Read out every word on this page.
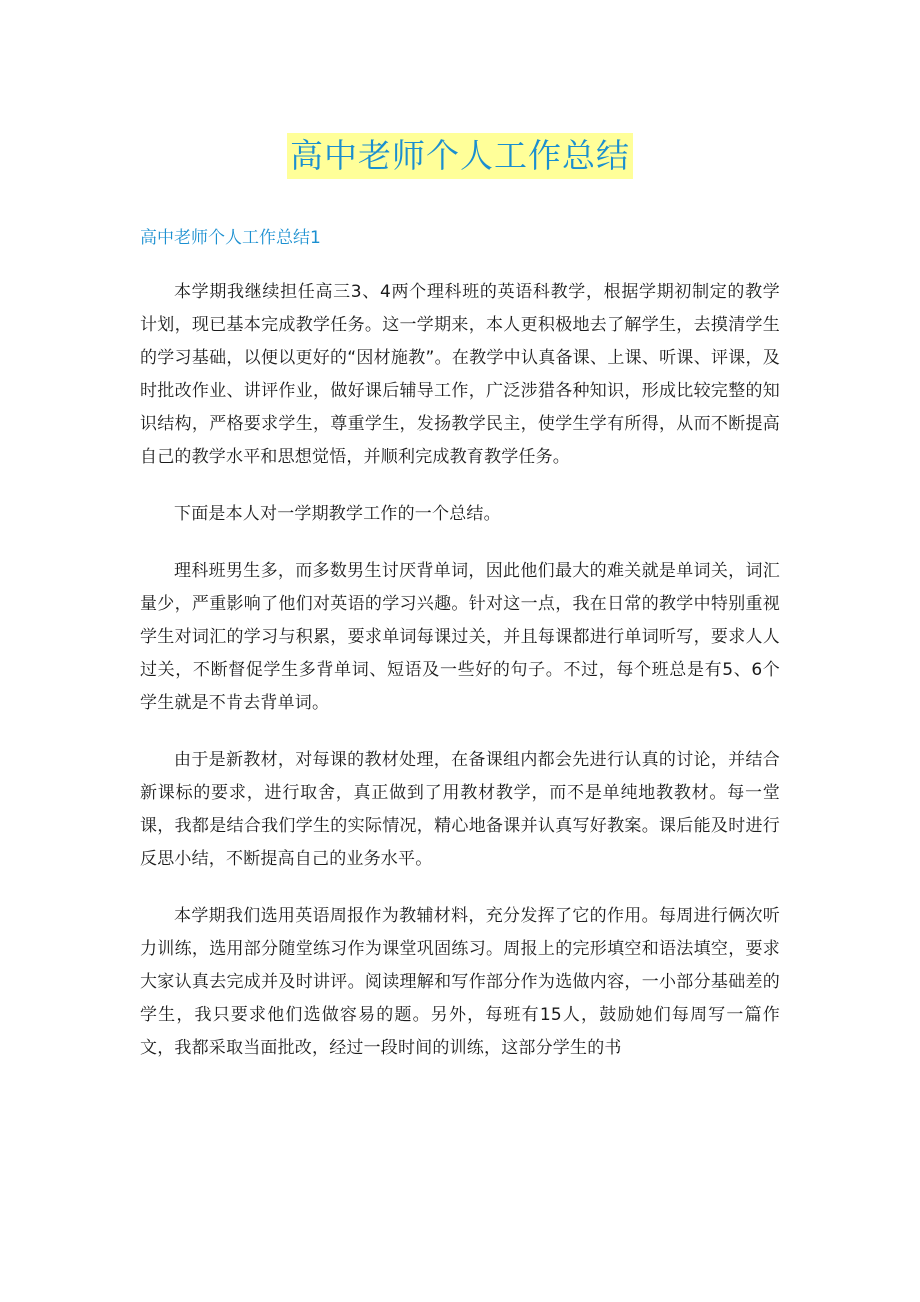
高中老师个人工作总结
高中老师个人工作总结1

本学期我继续担任高三3、4两个理科班的英语科教学，根据学期初制定的教学计划，现已基本完成教学任务。这一学期来，本人更积极地去了解学生，去摸清学生的学习基础，以便以更好的“因材施教”。在教学中认真备课、上课、听课、评课，及时批改作业、讲评作业，做好课后辅导工作，广泛涉猎各种知识，形成比较完整的知识结构，严格要求学生，尊重学生，发扬教学民主，使学生学有所得，从而不断提高自己的教学水平和思想觉悟，并顺利完成教育教学任务。

下面是本人对一学期教学工作的一个总结。

理科班男生多，而多数男生讨厌背单词，因此他们最大的难关就是单词关，词汇量少，严重影响了他们对英语的学习兴趣。针对这一点，我在日常的教学中特别重视学生对词汇的学习与积累，要求单词每课过关，并且每课都进行单词听写，要求人人过关，不断督促学生多背单词、短语及一些好的句子。不过，每个班总是有5、6个学生就是不肯去背单词。

由于是新教材，对每课的教材处理，在备课组内都会先进行认真的讨论，并结合新课标的要求，进行取舍，真正做到了用教材教学，而不是单纯地教教材。每一堂课，我都是结合我们学生的实际情况，精心地备课并认真写好教案。课后能及时进行反思小结，不断提高自己的业务水平。

本学期我们选用英语周报作为教辅材料，充分发挥了它的作用。每周进行俩次听力训练，选用部分随堂练习作为课堂巩固练习。周报上的完形填空和语法填空，要求大家认真去完成并及时讲评。阅读理解和写作部分作为选做内容，一小部分基础差的学生，我只要求他们选做容易的题。另外，每班有15人，鼓励她们每周写一篇作文，我都采取当面批改，经过一段时间的训练，这部分学生的书
